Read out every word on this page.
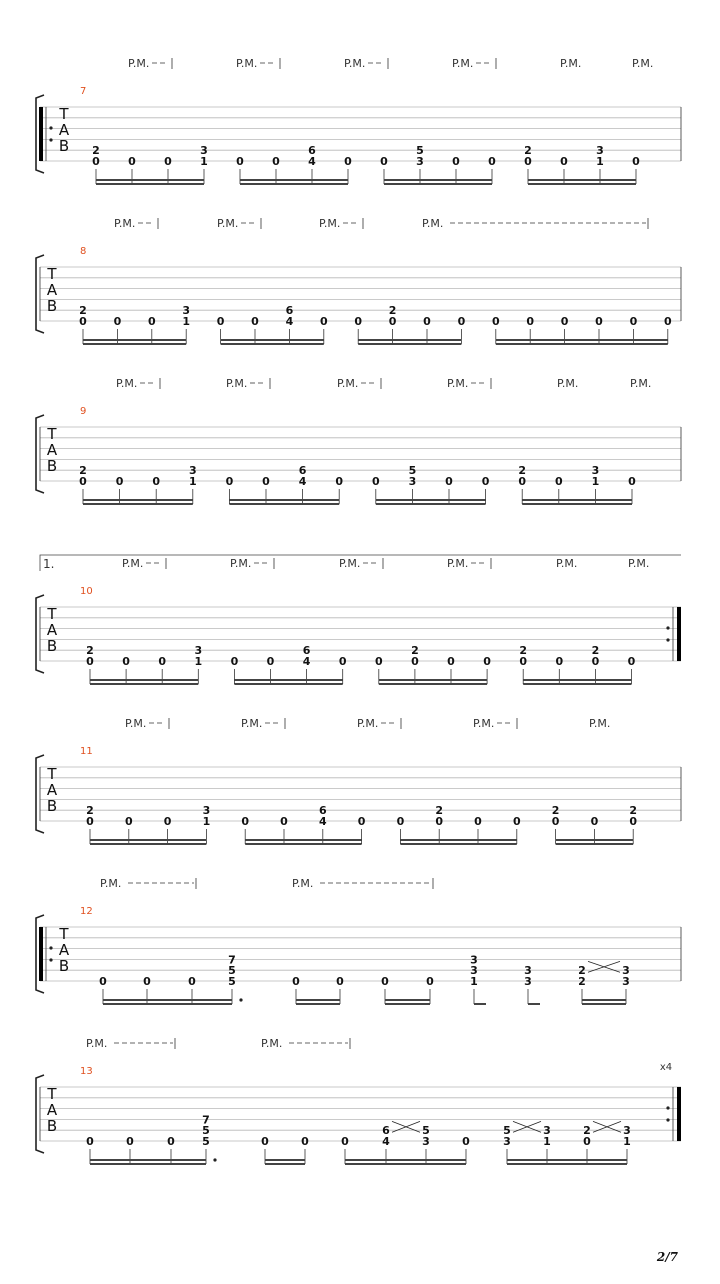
T
A
B
7
P.M.	P.M.	P.M.	P.M.	P.M.	P.M.
0
2
0	0	1
3
0	0	4
6
0	0	3
5
0	0	0
2
0	1
3
0
T
A
B
8
P.M.	P.M.	P.M.	P.M.
0
2
0 0 1
3
0 0 4
6
0 0 0
2
0 0 0 0 0 0 0 0
T
A
B
9
P.M.	P.M.	P.M.	P.M.	P.M.	P.M.
0
2
0	0	1
3
0	0	4
6
0	0	3
5
0	0	0
2
0	1
3
0
T
A
B
10
1.	P.M.	P.M.	P.M.	P.M.	P.M.	P.M.
0
2
0	0	1
3
0	0	4
6
0	0	0
2
0	0	0
2
0	0
2
0
T
A
B
11
P.M.	P.M.	P.M.	P.M.	P.M.
0
2
0	0	1
3
0	0	4
6
0	0	0
2
0	0	0
2
0	0
2
T
A
B
12
P.M.	P.M.
0	0	0	5
5
7
0	0	0	0	1
3
3
3
3
2
2
3
3
T
A
B
13	x4
P.M.	P.M.
0	0	0 5
5
7
0	0	0	4
6
3
5
0	3
5
1
3
0
2
1
3
2/7
